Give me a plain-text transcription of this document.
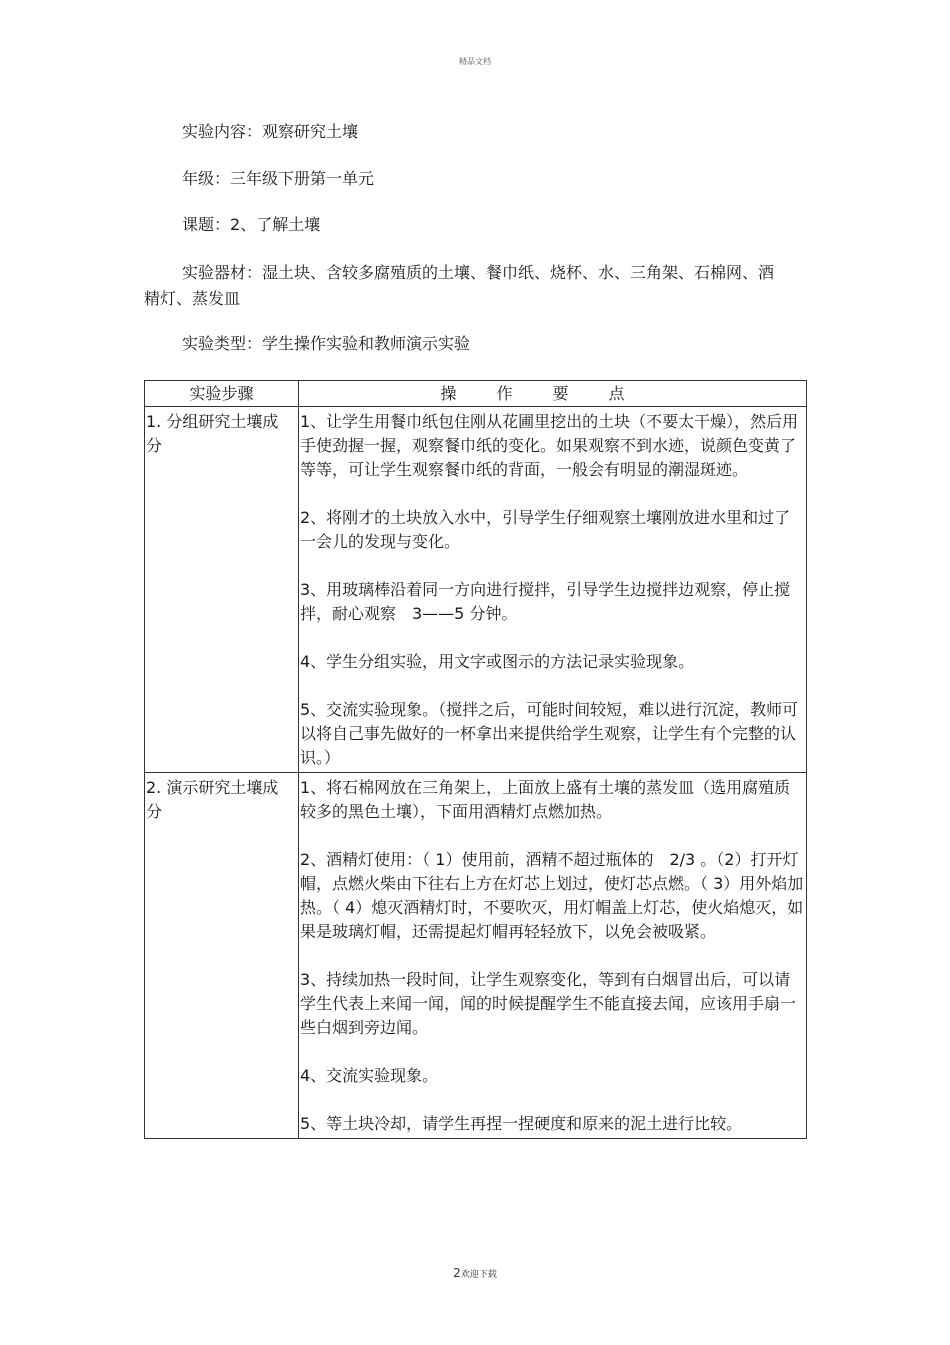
精品文档
实验内容：观察研究土壤
年级：三年级下册第一单元
课题：2、了解土壤
实验器材：湿土块、含较多腐殖质的土壤、餐巾纸、烧杯、水、三角架、石棉网、酒精灯、蒸发皿
实验类型：学生操作实验和教师演示实验
实验步骤	操作要点

1. 分组研究土壤成分	1、让学生用餐巾纸包住刚从花圃里挖出的土块（不要太干燥），然后用手使劲握一握，观察餐巾纸的变化。如果观察不到水迹，说颜色变黄了等等，可让学生观察餐巾纸的背面，一般会有明显的潮湿斑迹。

2、将刚才的土块放入水中，引导学生仔细观察土壤刚放进水里和过了一会儿的发现与变化。

3、用玻璃棒沿着同一方向进行搅拌，引导学生边搅拌边观察，停止搅拌，耐心观察　3——5 分钟。

4、学生分组实验，用文字或图示的方法记录实验现象。

5、交流实验现象。（搅拌之后，可能时间较短，难以进行沉淀，教师可以将自己事先做好的一杯拿出来提供给学生观察，让学生有个完整的认识。）

2. 演示研究土壤成分	1、将石棉网放在三角架上，上面放上盛有土壤的蒸发皿（选用腐殖质较多的黑色土壤），下面用酒精灯点燃加热。

2、酒精灯使用：（ 1）使用前，酒精不超过瓶体的　2/3 。（2）打开灯帽，点燃火柴由下往右上方在灯芯上划过，使灯芯点燃。（ 3）用外焰加热。（ 4）熄灭酒精灯时，不要吹灭，用灯帽盖上灯芯，使火焰熄灭，如果是玻璃灯帽，还需提起灯帽再轻轻放下，以免会被吸紧。

3、持续加热一段时间，让学生观察变化，等到有白烟冒出后，可以请学生代表上来闻一闻，闻的时候提醒学生不能直接去闻，应该用手扇一些白烟到旁边闻。

4、交流实验现象。

5、等土块冷却，请学生再捏一捏硬度和原来的泥土进行比较。

2欢迎下载
